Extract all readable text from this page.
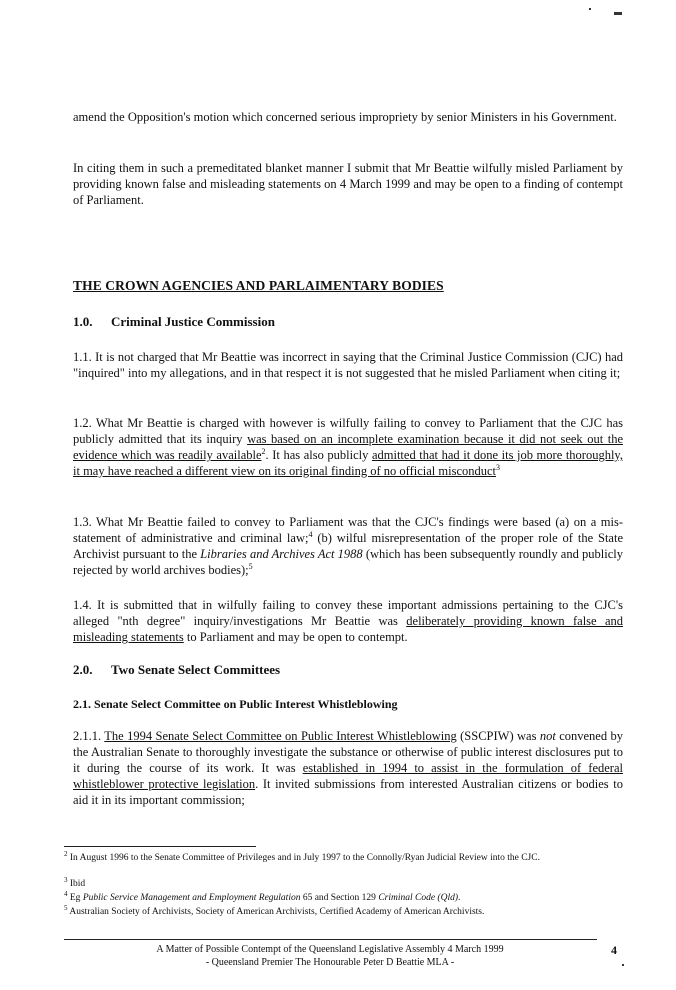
amend the Opposition's motion which concerned serious impropriety by senior Ministers in his Government.

In citing them in such a premeditated blanket manner I submit that Mr Beattie wilfully misled Parliament by providing known false and misleading statements on 4 March 1999 and may be open to a finding of contempt of Parliament.

THE CROWN AGENCIES AND PARLAIMENTARY BODIES
1.0. Criminal Justice Commission

1.1. It is not charged that Mr Beattie was incorrect in saying that the Criminal Justice Commission (CJC) had "inquired" into my allegations, and in that respect it is not suggested that he misled Parliament when citing it;

1.2. What Mr Beattie is charged with however is wilfully failing to convey to Parliament that the CJC has publicly admitted that its inquiry was based on an incomplete examination because it did not seek out the evidence which was readily available$^2$. It has also publicly admitted that had it done its job more thoroughly, it may have reached a different view on its original finding of no official misconduct$^3$

1.3. What Mr Beattie failed to convey to Parliament was that the CJC's findings were based (a) on a mis-statement of administrative and criminal law;$^4$ (b) wilful misrepresentation of the proper role of the State Archivist pursuant to the Libraries and Archives Act 1988 (which has been subsequently roundly and publicly rejected by world archives bodies);$^5$

1.4. It is submitted that in wilfully failing to convey these important admissions pertaining to the CJC's alleged "nth degree" inquiry/investigations Mr Beattie was deliberately providing known false and misleading statements to Parliament and may be open to contempt.

2.0. Two Senate Select Committees
2.1. Senate Select Committee on Public Interest Whistleblowing

2.1.1. The 1994 Senate Select Committee on Public Interest Whistleblowing (SSCPIW) was not convened by the Australian Senate to thoroughly investigate the substance or otherwise of public interest disclosures put to it during the course of its work. It was established in 1994 to assist in the formulation of federal whistleblower protective legislation. It invited submissions from interested Australian citizens or bodies to aid it in its important commission;

$^2$ In August 1996 to the Senate Committee of Privileges and in July 1997 to the Connolly/Ryan Judicial Review into the CJC.
$^3$ Ibid
$^4$ Eg Public Service Management and Employment Regulation 65 and Section 129 Criminal Code (Qld).
$^5$ Australian Society of Archivists, Society of American Archivists, Certified Academy of American Archivists.
A Matter of Possible Contempt of the Queensland Legislative Assembly 4 March 1999
- Queensland Premier The Honourable Peter D Beattie MLA -
4
